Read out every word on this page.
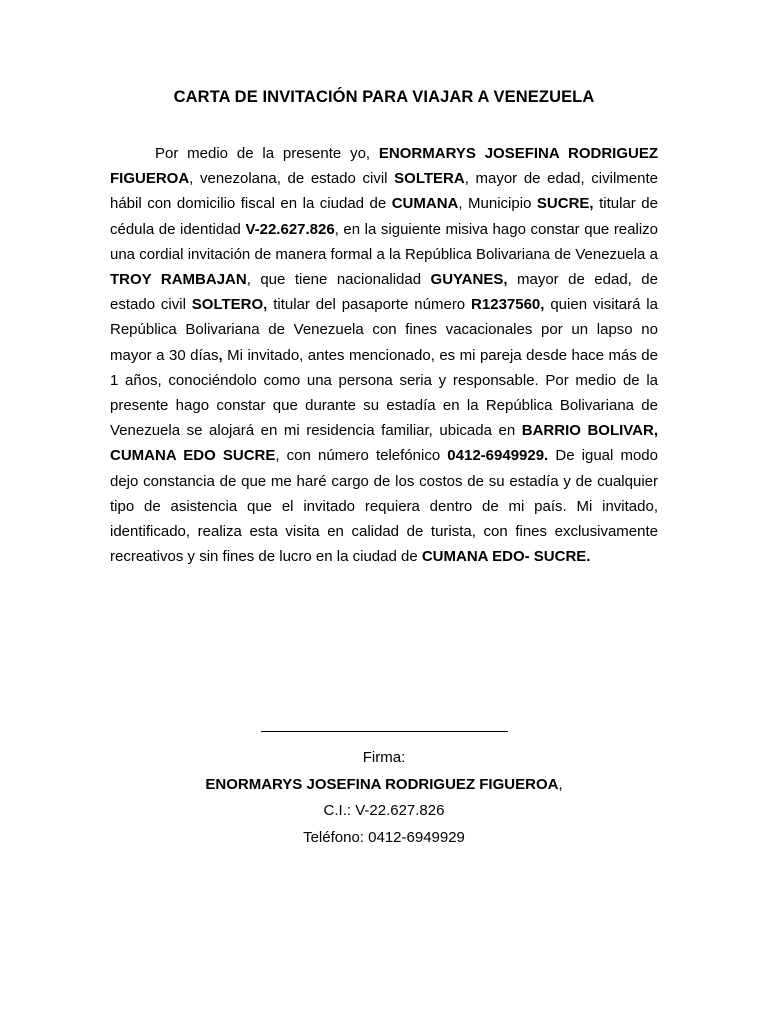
CARTA DE INVITACIÓN PARA VIAJAR A VENEZUELA

Por medio de la presente yo, ENORMARYS JOSEFINA RODRIGUEZ FIGUEROA, venezolana, de estado civil SOLTERA, mayor de edad, civilmente hábil con domicilio fiscal en la ciudad de CUMANA, Municipio SUCRE, titular de cédula de identidad V-22.627.826, en la siguiente misiva hago constar que realizo una cordial invitación de manera formal a la República Bolivariana de Venezuela a TROY RAMBAJAN, que tiene nacionalidad GUYANES, mayor de edad, de estado civil SOLTERO, titular del pasaporte número R1237560, quien visitará la República Bolivariana de Venezuela con fines vacacionales por un lapso no mayor a 30 días, Mi invitado, antes mencionado, es mi pareja desde hace más de 1 años, conociéndolo como una persona seria y responsable. Por medio de la presente hago constar que durante su estadía en la República Bolivariana de Venezuela se alojará en mi residencia familiar, ubicada en BARRIO BOLIVAR, CUMANA EDO SUCRE, con número telefónico 0412-6949929. De igual modo dejo constancia de que me haré cargo de los costos de su estadía y de cualquier tipo de asistencia que el invitado requiera dentro de mi país. Mi invitado, identificado, realiza esta visita en calidad de turista, con fines exclusivamente recreativos y sin fines de lucro en la ciudad de CUMANA EDO- SUCRE.

Firma:
ENORMARYS JOSEFINA RODRIGUEZ FIGUEROA,
C.I.: V-22.627.826
Teléfono: 0412-6949929
